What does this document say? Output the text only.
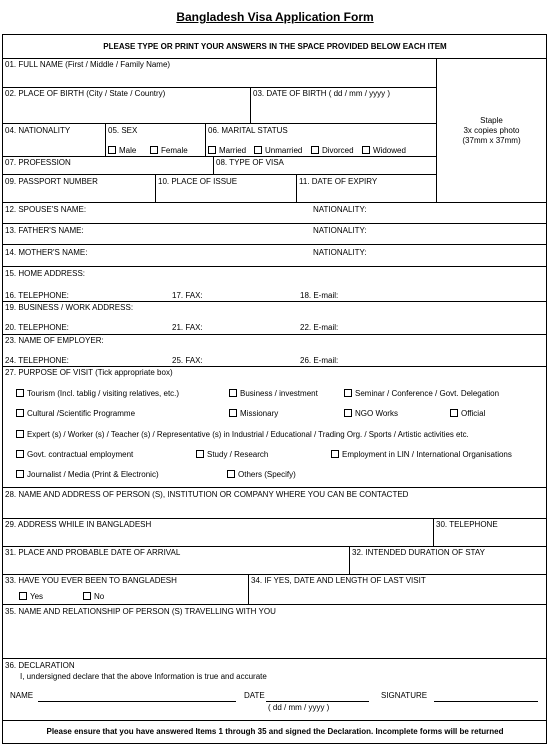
Bangladesh Visa Application Form
PLEASE TYPE OR PRINT YOUR ANSWERS IN THE SPACE PROVIDED BELOW EACH ITEM
01. FULL NAME (First / Middle / Family Name)
Staple
3x copies photo
(37mm x 37mm)
02. PLACE OF BIRTH (City / State / Country)	03. DATE OF BIRTH ( dd / mm / yyyy )
04. NATIONALITY	05. SEX
Male	Female
06. MARITAL STATUS
Married	Unmarried	Divorced	Widowed
07. PROFESSION	08. TYPE OF VISA
09. PASSPORT NUMBER	10. PLACE OF ISSUE	11. DATE OF EXPIRY
12. SPOUSE'S NAME:	NATIONALITY:
13. FATHER'S NAME:	NATIONALITY:
14. MOTHER'S NAME:	NATIONALITY:
15. HOME ADDRESS:
16. TELEPHONE:	17. FAX:	18. E-mail:
19. BUSINESS / WORK ADDRESS:
20. TELEPHONE:	21. FAX:	22. E-mail:
23. NAME OF EMPLOYER:
24. TELEPHONE:	25. FAX:	26. E-mail:
27. PURPOSE OF VISIT (Tick appropriate box)
Tourism (Incl. tablig / visiting relatives, etc.)	Business / investment	Seminar / Conference / Govt. Delegation
Cultural /Scientific Programme	Missionary	NGO Works	Official
Expert (s) / Worker (s) / Teacher (s) / Representative (s) in Industrial / Educational / Trading Org. / Sports / Artistic activities etc.
Govt. contractual employment	Study / Research	Employment in LIN / International Organisations
Journalist / Media (Print & Electronic)	Others (Specify)
28. NAME AND ADDRESS OF PERSON (S), INSTITUTION OR COMPANY WHERE YOU CAN BE CONTACTED
29. ADDRESS WHILE IN BANGLADESH	30. TELEPHONE
31. PLACE AND PROBABLE DATE OF ARRIVAL	32. INTENDED DURATION OF STAY
33. HAVE YOU EVER BEEN TO BANGLADESH
Yes	No
34. IF YES, DATE AND LENGTH OF LAST VISIT
35. NAME AND RELATIONSHIP OF PERSON (S) TRAVELLING WITH YOU
36. DECLARATION
I, undersigned declare that the above Information is true and accurate
NAME	DATE
( dd / mm / yyyy )
SIGNATURE
Please ensure that you have answered Items 1 through 35 and signed the Declaration. Incomplete forms will be returned
